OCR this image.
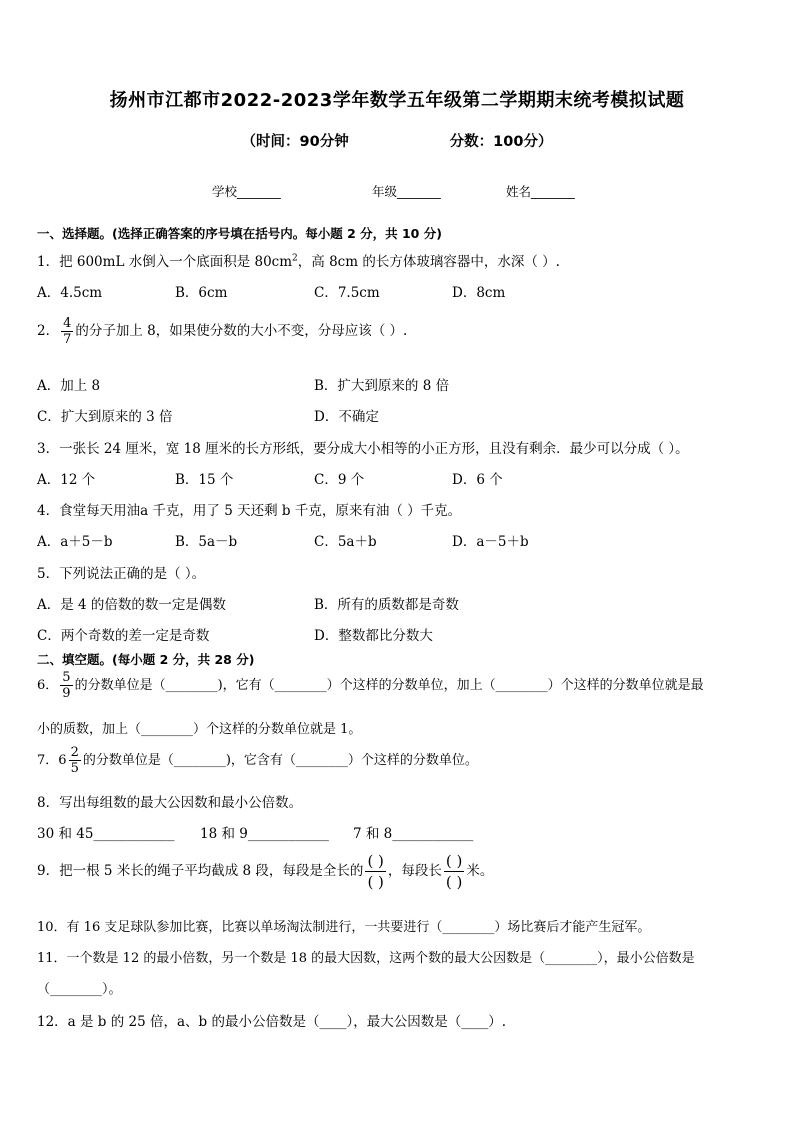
扬州市江都市2022-2023学年数学五年级第二学期期末统考模拟试题
（时间：90分钟                    分数：100分）
学校_______	年级_______	姓名_______
一、选择题。(选择正确答案的序号填在括号内。每小题 2 分，共 10 分)
1．把 600mL 水倒入一个底面积是 $80cm^2$，高 8cm 的长方体玻璃容器中，水深（ ）.
A．4.5cm	B．6cm	C．7.5cm	D．8cm
2． $\frac{4}{7}$ 的分子加上 8，如果使分数的大小不变，分母应该（ ）.
A．加上 8	B．扩大到原来的 8 倍
C．扩大到原来的 3 倍	D．不确定
3．一张长 24 厘米，宽 18 厘米的长方形纸，要分成大小相等的小正方形，且没有剩余．最少可以分成（ ）。
A．12 个	B．15 个	C．9 个	D．6 个
4．食堂每天用油a 千克，用了 5 天还剩 b 千克，原来有油（ ）千克。
A．a＋5－b	B．5a－b	C．5a＋b	D．a－5＋b
5．下列说法正确的是（ ）。
A．是 4 的倍数的数一定是偶数	B．所有的质数都是奇数
C．两个奇数的差一定是奇数	D．整数都比分数大
二、填空题。(每小题 2 分，共 28 分)
6． $\frac{5}{9}$ 的分数单位是（________)，它有（________）个这样的分数单位，加上（________）个这样的分数单位就是最
小的质数，加上（________）个这样的分数单位就是 1。
7．$6 \frac{2}{5}$ 的分数单位是（________)，它含有（________）个这样的分数单位。
8．写出每组数的最大公因数和最小公倍数。
30 和 45____________ 18 和 9____________ 7 和 8____________
9．把一根 5 米长的绳子平均截成 8 段，每段是全长的 $\frac{( )}{( )}$ ，每段长 $\frac{( )}{( )}$ 米。
10．有 16 支足球队参加比赛，比赛以单场淘汰制进行，一共要进行（________）场比赛后才能产生冠军。
11．一个数是 12 的最小倍数，另一个数是 18 的最大因数，这两个数的最大公因数是（________），最小公倍数是
（________）。
12．a 是 b 的 25 倍，a、b 的最小公倍数是（____），最大公因数是（____）.
